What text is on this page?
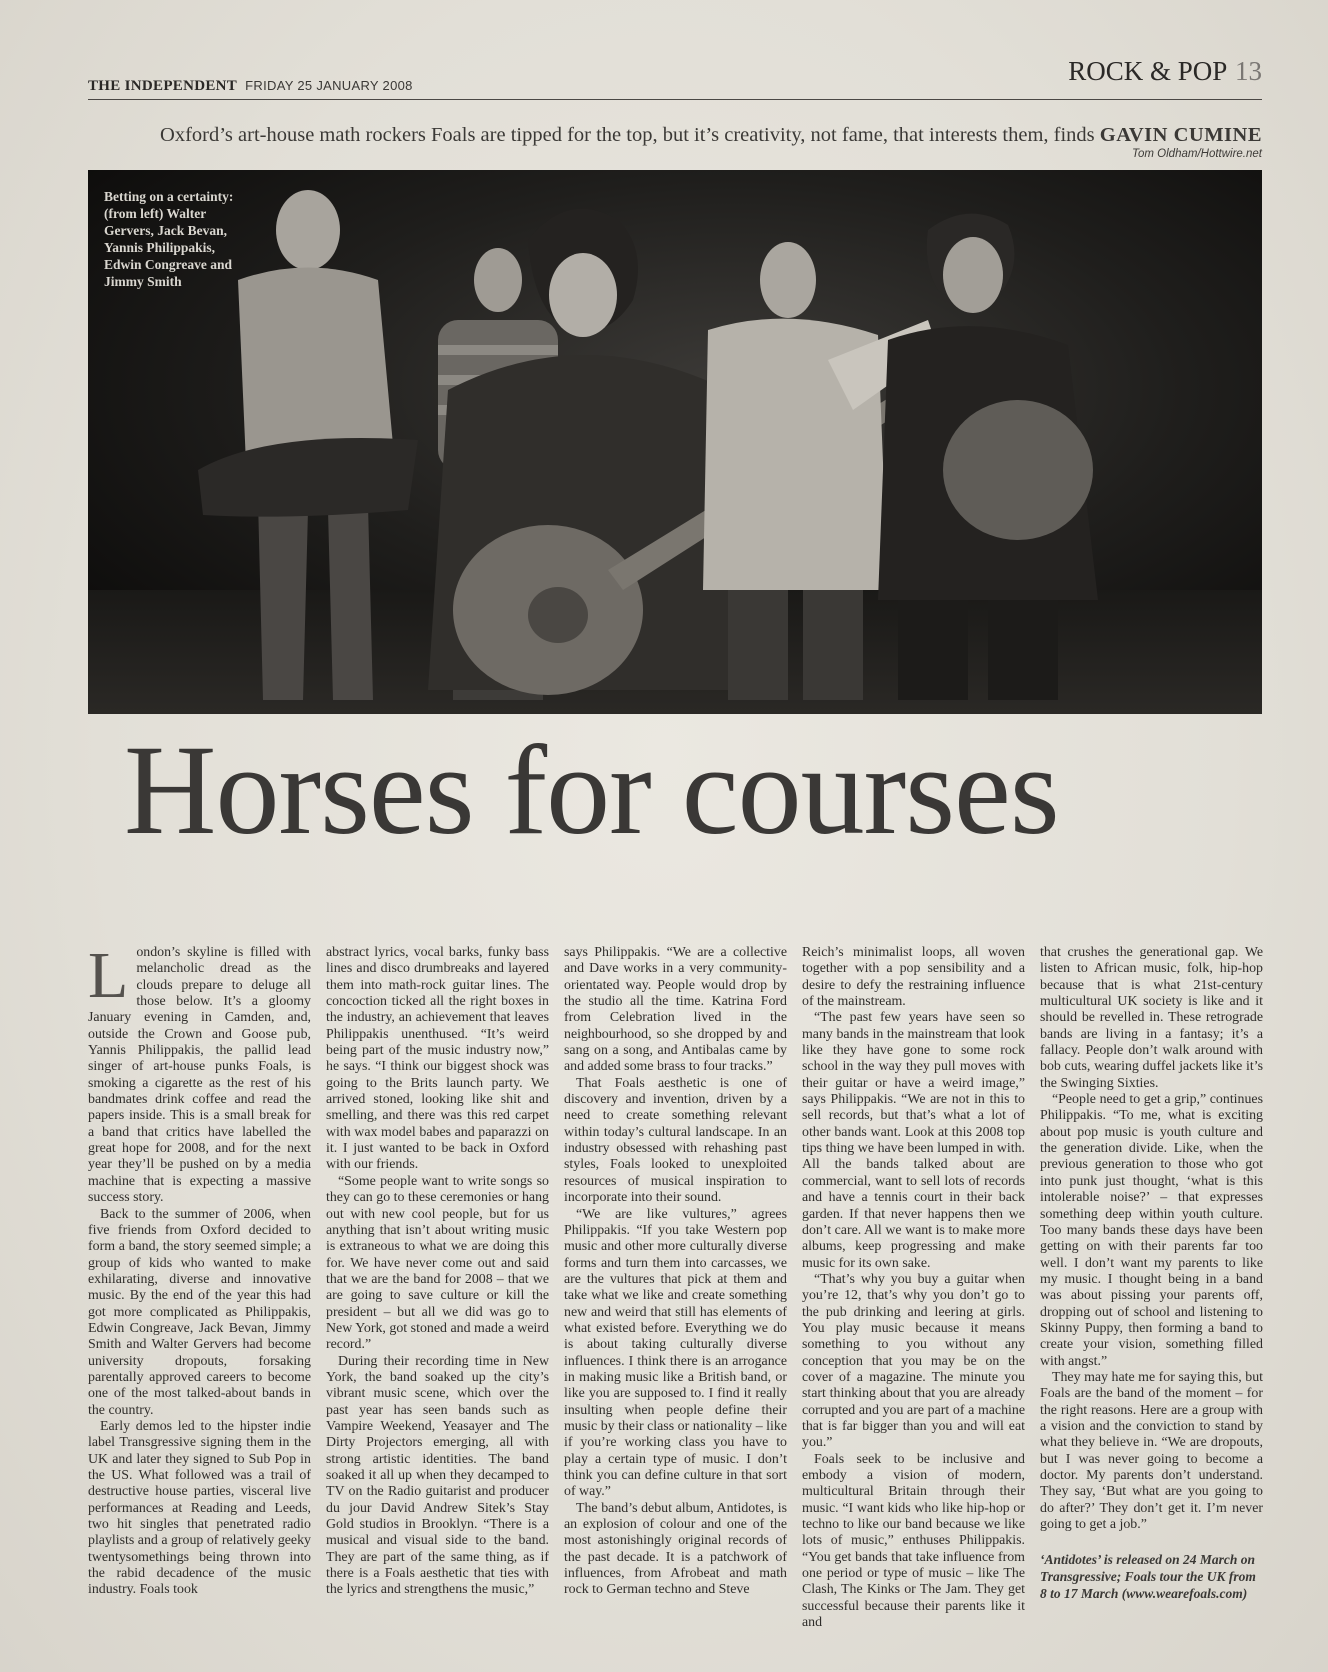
THE INDEPENDENT FRIDAY 25 JANUARY 2008	ROCK & POP 13
Oxford’s art-house math rockers Foals are tipped for the top, but it’s creativity, not fame, that interests them, finds GAVIN CUMINE
Tom Oldham/Hottwire.net
Betting on a certainty:
(from left) Walter
Gervers, Jack Bevan,
Yannis Philippakis,
Edwin Congreave and
Jimmy Smith
Horses for courses

London’s skyline is filled with melancholic dread as the clouds prepare to deluge all those below. It’s a gloomy January evening in Camden, and, outside the Crown and Goose pub, Yannis Philippakis, the pallid lead singer of art-house punks Foals, is smoking a cigarette as the rest of his bandmates drink coffee and read the papers inside. This is a small break for a band that critics have labelled the great hope for 2008, and for the next year they’ll be pushed on by a media machine that is expecting a massive success story.

Back to the summer of 2006, when five friends from Oxford decided to form a band, the story seemed simple; a group of kids who wanted to make exhilarating, diverse and innovative music. By the end of the year this had got more complicated as Philippakis, Edwin Congreave, Jack Bevan, Jimmy Smith and Walter Gervers had become university dropouts, forsaking parentally approved careers to become one of the most talked-about bands in the country.

Early demos led to the hipster indie label Transgressive signing them in the UK and later they signed to Sub Pop in the US. What followed was a trail of destructive house parties, visceral live performances at Reading and Leeds, two hit singles that penetrated radio playlists and a group of relatively geeky twentysomethings being thrown into the rabid decadence of the music industry. Foals took

abstract lyrics, vocal barks, funky bass lines and disco drumbreaks and layered them into math-rock guitar lines. The concoction ticked all the right boxes in the industry, an achievement that leaves Philippakis unenthused. “It’s weird being part of the music industry now,” he says. “I think our biggest shock was going to the Brits launch party. We arrived stoned, looking like shit and smelling, and there was this red carpet with wax model babes and paparazzi on it. I just wanted to be back in Oxford with our friends.

“Some people want to write songs so they can go to these ceremonies or hang out with new cool people, but for us anything that isn’t about writing music is extraneous to what we are doing this for. We have never come out and said that we are the band for 2008 – that we are going to save culture or kill the president – but all we did was go to New York, got stoned and made a weird record.”

During their recording time in New York, the band soaked up the city’s vibrant music scene, which over the past year has seen bands such as Vampire Weekend, Yeasayer and The Dirty Projectors emerging, all with strong artistic identities. The band soaked it all up when they decamped to TV on the Radio guitarist and producer du jour David Andrew Sitek’s Stay Gold studios in Brooklyn. “There is a musical and visual side to the band. They are part of the same thing, as if there is a Foals aesthetic that ties with the lyrics and strengthens the music,”

says Philippakis. “We are a collective and Dave works in a very community-orientated way. People would drop by the studio all the time. Katrina Ford from Celebration lived in the neighbourhood, so she dropped by and sang on a song, and Antibalas came by and added some brass to four tracks.”

That Foals aesthetic is one of discovery and invention, driven by a need to create something relevant within today’s cultural landscape. In an industry obsessed with rehashing past styles, Foals looked to unexploited resources of musical inspiration to incorporate into their sound.

“We are like vultures,” agrees Philippakis. “If you take Western pop music and other more culturally diverse forms and turn them into carcasses, we are the vultures that pick at them and take what we like and create something new and weird that still has elements of what existed before. Everything we do is about taking culturally diverse influences. I think there is an arrogance in making music like a British band, or like you are supposed to. I find it really insulting when people define their music by their class or nationality – like if you’re working class you have to play a certain type of music. I don’t think you can define culture in that sort of way.”

The band’s debut album, Antidotes, is an explosion of colour and one of the most astonishingly original records of the past decade. It is a patchwork of influences, from Afrobeat and math rock to German techno and Steve

Reich’s minimalist loops, all woven together with a pop sensibility and a desire to defy the restraining influence of the mainstream.

“The past few years have seen so many bands in the mainstream that look like they have gone to some rock school in the way they pull moves with their guitar or have a weird image,” says Philippakis. “We are not in this to sell records, but that’s what a lot of other bands want. Look at this 2008 top tips thing we have been lumped in with. All the bands talked about are commercial, want to sell lots of records and have a tennis court in their back garden. If that never happens then we don’t care. All we want is to make more albums, keep progressing and make music for its own sake.

“That’s why you buy a guitar when you’re 12, that’s why you don’t go to the pub drinking and leering at girls. You play music because it means something to you without any conception that you may be on the cover of a magazine. The minute you start thinking about that you are already corrupted and you are part of a machine that is far bigger than you and will eat you.”

Foals seek to be inclusive and embody a vision of modern, multicultural Britain through their music. “I want kids who like hip-hop or techno to like our band because we like lots of music,” enthuses Philippakis. “You get bands that take influence from one period or type of music – like The Clash, The Kinks or The Jam. They get successful because their parents like it and

that crushes the generational gap. We listen to African music, folk, hip-hop because that is what 21st-century multicultural UK society is like and it should be revelled in. These retrograde bands are living in a fantasy; it’s a fallacy. People don’t walk around with bob cuts, wearing duffel jackets like it’s the Swinging Sixties.

“People need to get a grip,” continues Philippakis. “To me, what is exciting about pop music is youth culture and the generation divide. Like, when the previous generation to those who got into punk just thought, ‘what is this intolerable noise?’ – that expresses something deep within youth culture. Too many bands these days have been getting on with their parents far too well. I don’t want my parents to like my music. I thought being in a band was about pissing your parents off, dropping out of school and listening to Skinny Puppy, then forming a band to create your vision, something filled with angst.”

They may hate me for saying this, but Foals are the band of the moment – for the right reasons. Here are a group with a vision and the conviction to stand by what they believe in. “We are dropouts, but I was never going to become a doctor. My parents don’t understand. They say, ‘But what are you going to do after?’ They don’t get it. I’m never going to get a job.”

‘Antidotes’ is released on 24 March on Transgressive; Foals tour the UK from 8 to 17 March (www.wearefoals.com)
